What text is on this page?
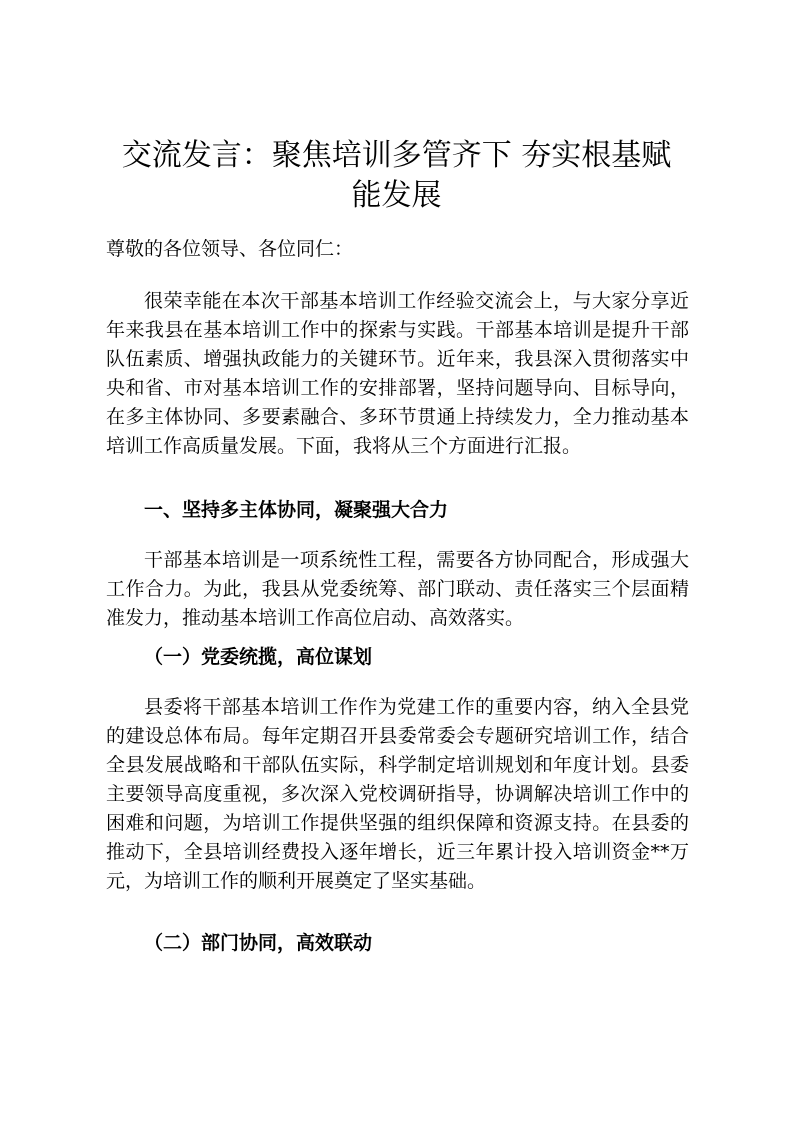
交流发言：聚焦培训多管齐下 夯实根基赋能发展

尊敬的各位领导、各位同仁：

很荣幸能在本次干部基本培训工作经验交流会上，与大家分享近年来我县在基本培训工作中的探索与实践。干部基本培训是提升干部队伍素质、增强执政能力的关键环节。近年来，我县深入贯彻落实中央和省、市对基本培训工作的安排部署，坚持问题导向、目标导向，在多主体协同、多要素融合、多环节贯通上持续发力，全力推动基本培训工作高质量发展。下面，我将从三个方面进行汇报。

一、坚持多主体协同，凝聚强大合力

干部基本培训是一项系统性工程，需要各方协同配合，形成强大工作合力。为此，我县从党委统筹、部门联动、责任落实三个层面精准发力，推动基本培训工作高位启动、高效落实。

（一）党委统揽，高位谋划

县委将干部基本培训工作作为党建工作的重要内容，纳入全县党的建设总体布局。每年定期召开县委常委会专题研究培训工作，结合全县发展战略和干部队伍实际，科学制定培训规划和年度计划。县委主要领导高度重视，多次深入党校调研指导，协调解决培训工作中的困难和问题，为培训工作提供坚强的组织保障和资源支持。在县委的推动下，全县培训经费投入逐年增长，近三年累计投入培训资金**万元，为培训工作的顺利开展奠定了坚实基础。

（二）部门协同，高效联动
